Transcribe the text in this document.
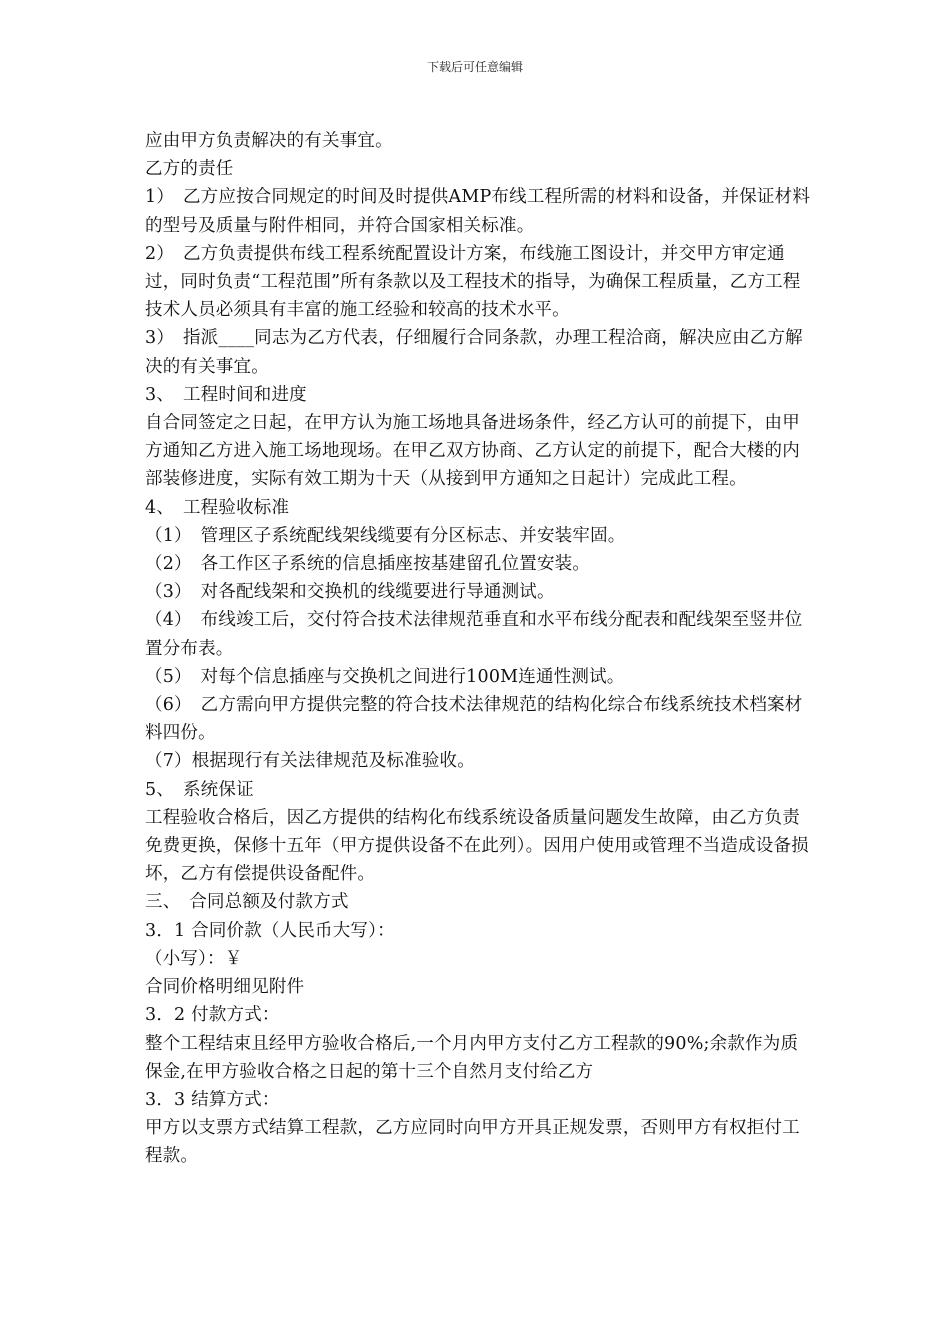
下载后可任意编辑

应由甲方负责解决的有关事宜。

乙方的责任

1）　乙方应按合同规定的时间及时提供AMP布线工程所需的材料和设备，并保证材料的型号及质量与附件相同，并符合国家相关标准。

2）　乙方负责提供布线工程系统配置设计方案，布线施工图设计，并交甲方审定通过，同时负责“工程范围”所有条款以及工程技术的指导，为确保工程质量，乙方工程技术人员必须具有丰富的施工经验和较高的技术水平。

3）　指派____同志为乙方代表，仔细履行合同条款，办理工程洽商，解决应由乙方解决的有关事宜。

3、　工程时间和进度

自合同签定之日起，在甲方认为施工场地具备进场条件，经乙方认可的前提下，由甲方通知乙方进入施工场地现场。在甲乙双方协商、乙方认定的前提下，配合大楼的内部装修进度，实际有效工期为十天（从接到甲方通知之日起计）完成此工程。

4、　工程验收标准

（1）　管理区子系统配线架线缆要有分区标志、并安装牢固。

（2）　各工作区子系统的信息插座按基建留孔位置安装。

（3）　对各配线架和交换机的线缆要进行导通测试。

（4）　布线竣工后，交付符合技术法律规范垂直和水平布线分配表和配线架至竖井位置分布表。

（5）　对每个信息插座与交换机之间进行100M连通性测试。

（6）　乙方需向甲方提供完整的符合技术法律规范的结构化综合布线系统技术档案材料四份。

（7）根据现行有关法律规范及标准验收。

5、　系统保证

工程验收合格后，因乙方提供的结构化布线系统设备质量问题发生故障，由乙方负责免费更换，保修十五年（甲方提供设备不在此列）。因用户使用或管理不当造成设备损坏，乙方有偿提供设备配件。

三、　合同总额及付款方式

3．1 合同价款（人民币大写）：

（小写）：￥

合同价格明细见附件

3．2 付款方式：

整个工程结束且经甲方验收合格后,一个月内甲方支付乙方工程款的90%;余款作为质保金,在甲方验收合格之日起的第十三个自然月支付给乙方

3．3 结算方式：

甲方以支票方式结算工程款，乙方应同时向甲方开具正规发票，否则甲方有权拒付工程款。
